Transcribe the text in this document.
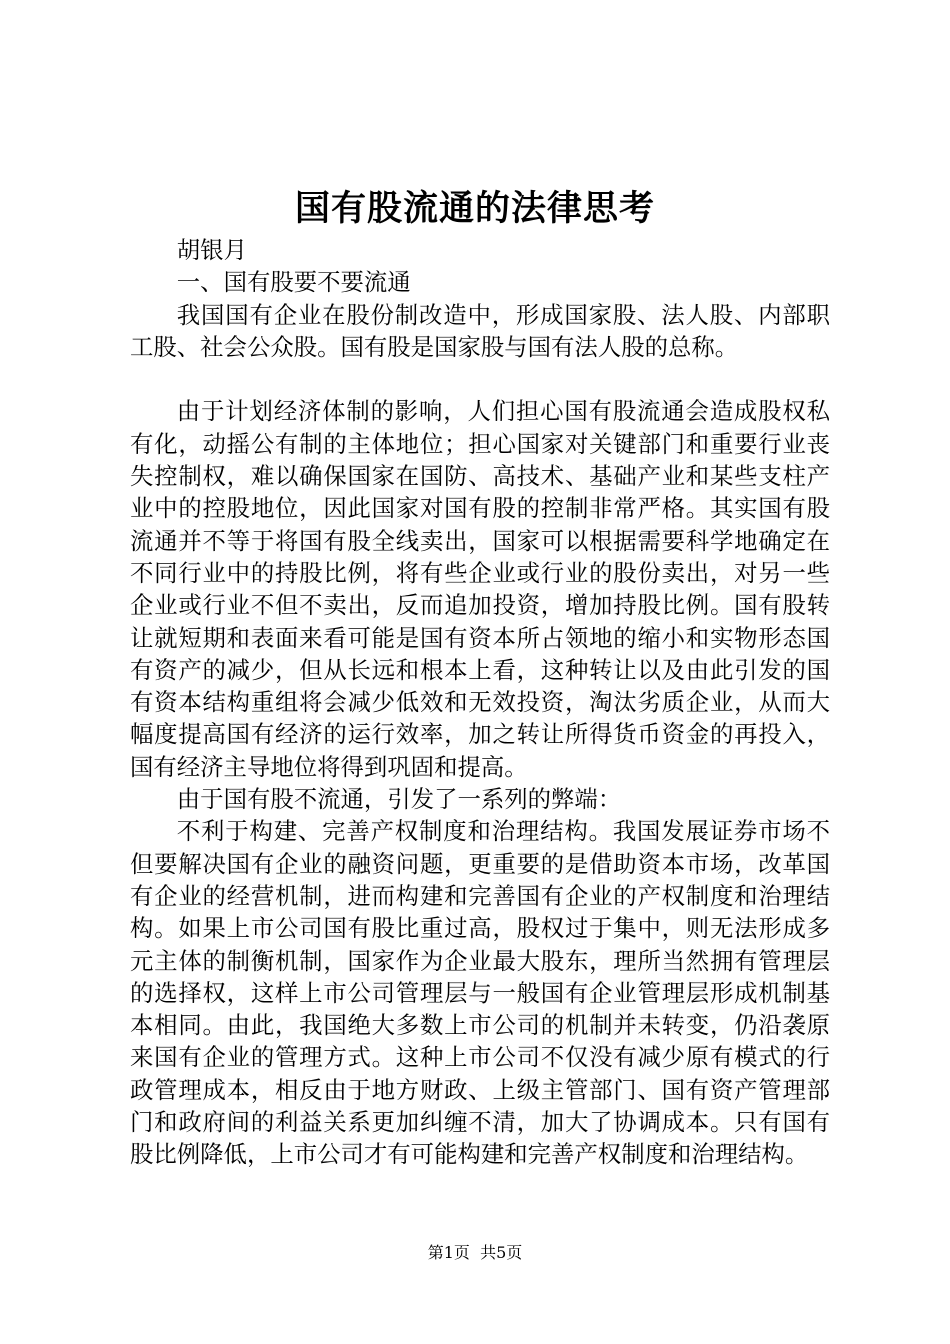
国有股流通的法律思考

胡银月

一、国有股要不要流通

我国国有企业在股份制改造中，形成国家股、法人股、内部职工股、社会公众股。国有股是国家股与国有法人股的总称。

由于计划经济体制的影响，人们担心国有股流通会造成股权私有化，动摇公有制的主体地位；担心国家对关键部门和重要行业丧失控制权，难以确保国家在国防、高技术、基础产业和某些支柱产业中的控股地位，因此国家对国有股的控制非常严格。其实国有股流通并不等于将国有股全线卖出，国家可以根据需要科学地确定在不同行业中的持股比例，将有些企业或行业的股份卖出，对另一些企业或行业不但不卖出，反而追加投资，增加持股比例。国有股转让就短期和表面来看可能是国有资本所占领地的缩小和实物形态国有资产的减少，但从长远和根本上看，这种转让以及由此引发的国有资本结构重组将会减少低效和无效投资，淘汰劣质企业，从而大幅度提高国有经济的运行效率，加之转让所得货币资金的再投入，国有经济主导地位将得到巩固和提高。

由于国有股不流通，引发了一系列的弊端：

不利于构建、完善产权制度和治理结构。我国发展证券市场不但要解决国有企业的融资问题，更重要的是借助资本市场，改革国有企业的经营机制，进而构建和完善国有企业的产权制度和治理结构。如果上市公司国有股比重过高，股权过于集中，则无法形成多元主体的制衡机制，国家作为企业最大股东，理所当然拥有管理层的选择权，这样上市公司管理层与一般国有企业管理层形成机制基本相同。由此，我国绝大多数上市公司的机制并未转变，仍沿袭原来国有企业的管理方式。这种上市公司不仅没有减少原有模式的行政管理成本，相反由于地方财政、上级主管部门、国有资产管理部门和政府间的利益关系更加纠缠不清，加大了协调成本。只有国有股比例降低，上市公司才有可能构建和完善产权制度和治理结构。

第1页  共5页
